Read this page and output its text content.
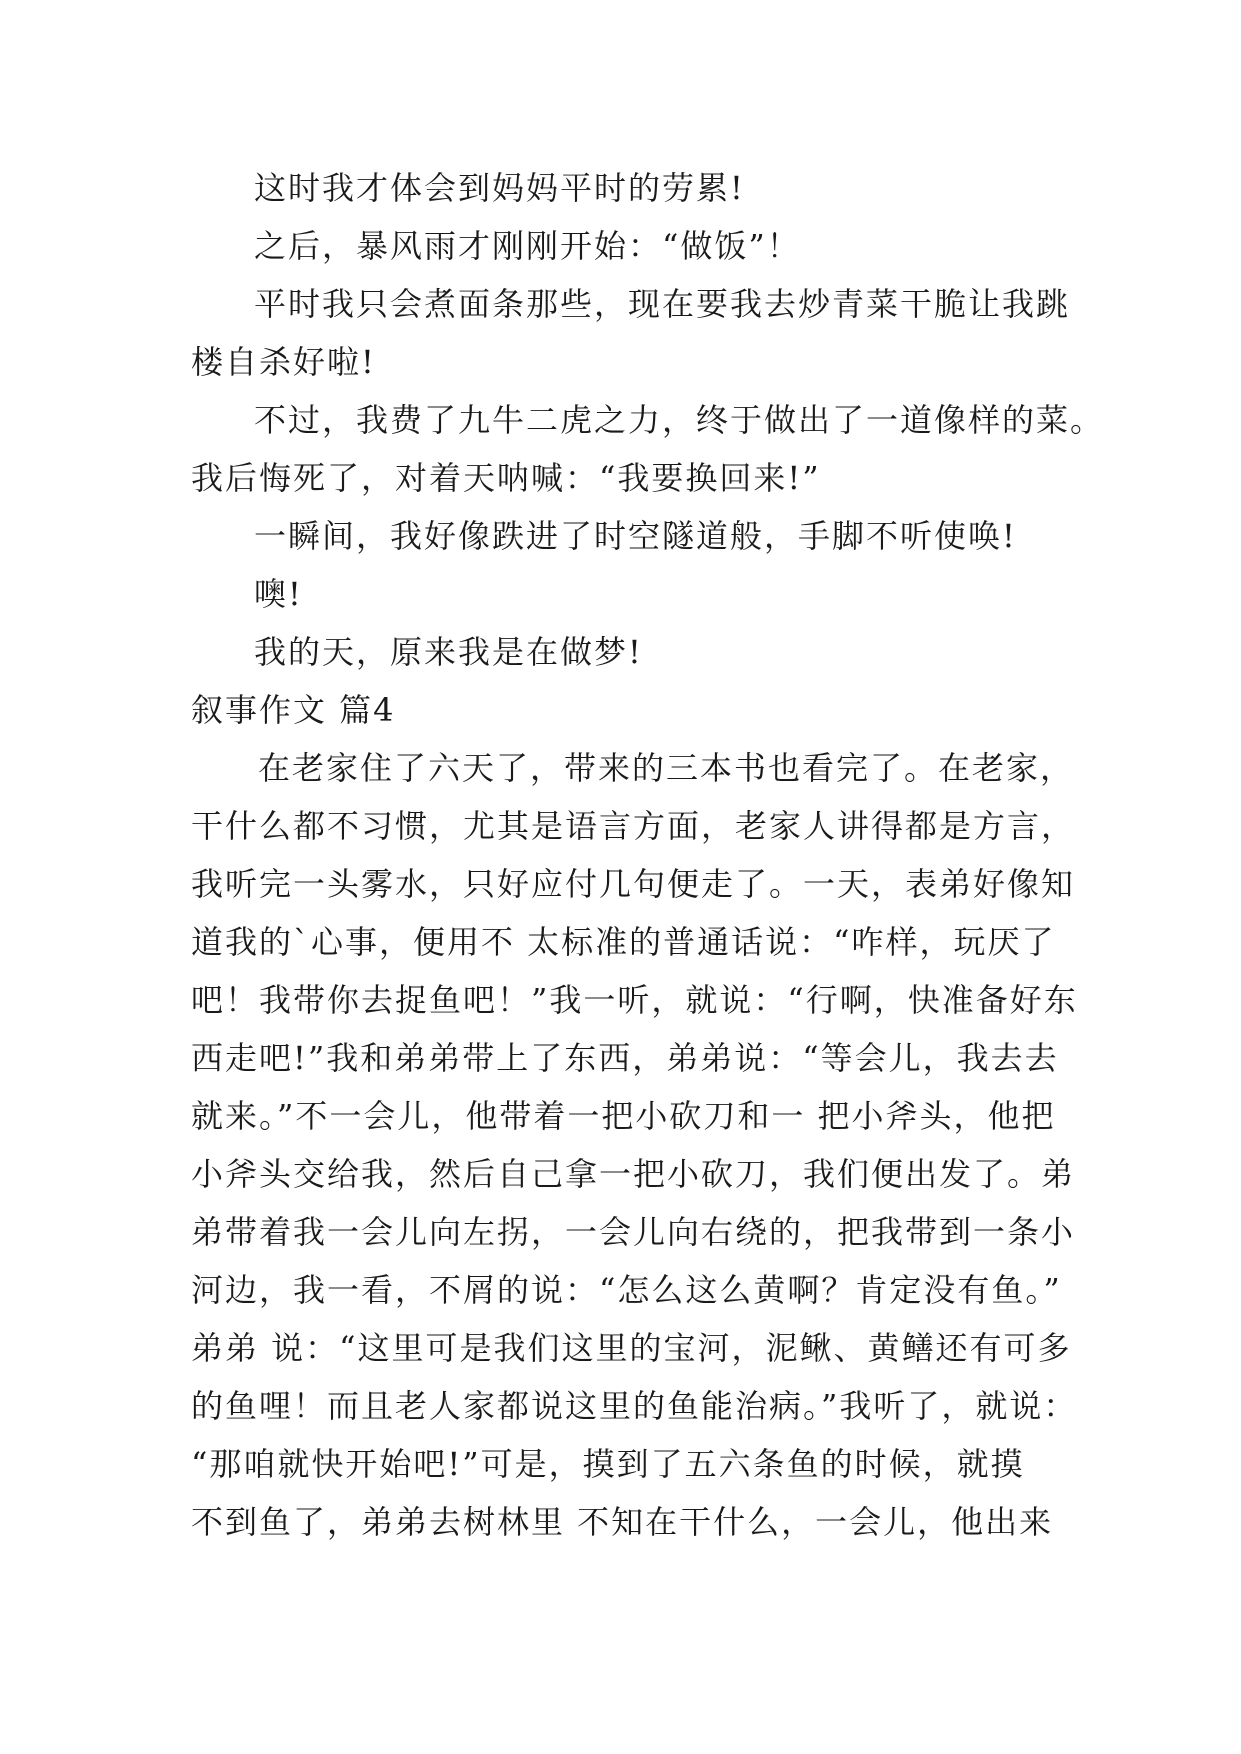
这时我才体会到妈妈平时的劳累!
之后，暴风雨才刚刚开始：“做饭”！
平时我只会煮面条那些，现在要我去炒青菜干脆让我跳
楼自杀好啦!
不过，我费了九牛二虎之力，终于做出了一道像样的菜。
我后悔死了，对着天呐喊：“我要换回来!”
一瞬间，我好像跌进了时空隧道般，手脚不听使唤!
噢!
我的天，原来我是在做梦!
叙事作文 篇4
在老家住了六天了，带来的三本书也看完了。在老家，
干什么都不习惯，尤其是语言方面，老家人讲得都是方言，
我听完一头雾水，只好应付几句便走了。一天，表弟好像知
道我的`心事，便用不 太标准的普通话说：“咋样，玩厌了
吧！我带你去捉鱼吧！”我一听，就说：“行啊，快准备好东
西走吧!”我和弟弟带上了东西，弟弟说：“等会儿，我去去
就来。”不一会儿，他带着一把小砍刀和一 把小斧头，他把
小斧头交给我，然后自己拿一把小砍刀，我们便出发了。弟
弟带着我一会儿向左拐，一会儿向右绕的，把我带到一条小
河边，我一看，不屑的说：“怎么这么黄啊？肯定没有鱼。”
弟弟 说：“这里可是我们这里的宝河，泥鳅、黄鳝还有可多
的鱼哩！而且老人家都说这里的鱼能治病。”我听了，就说：
“那咱就快开始吧!”可是，摸到了五六条鱼的时候，就摸
不到鱼了，弟弟去树林里 不知在干什么，一会儿，他出来
